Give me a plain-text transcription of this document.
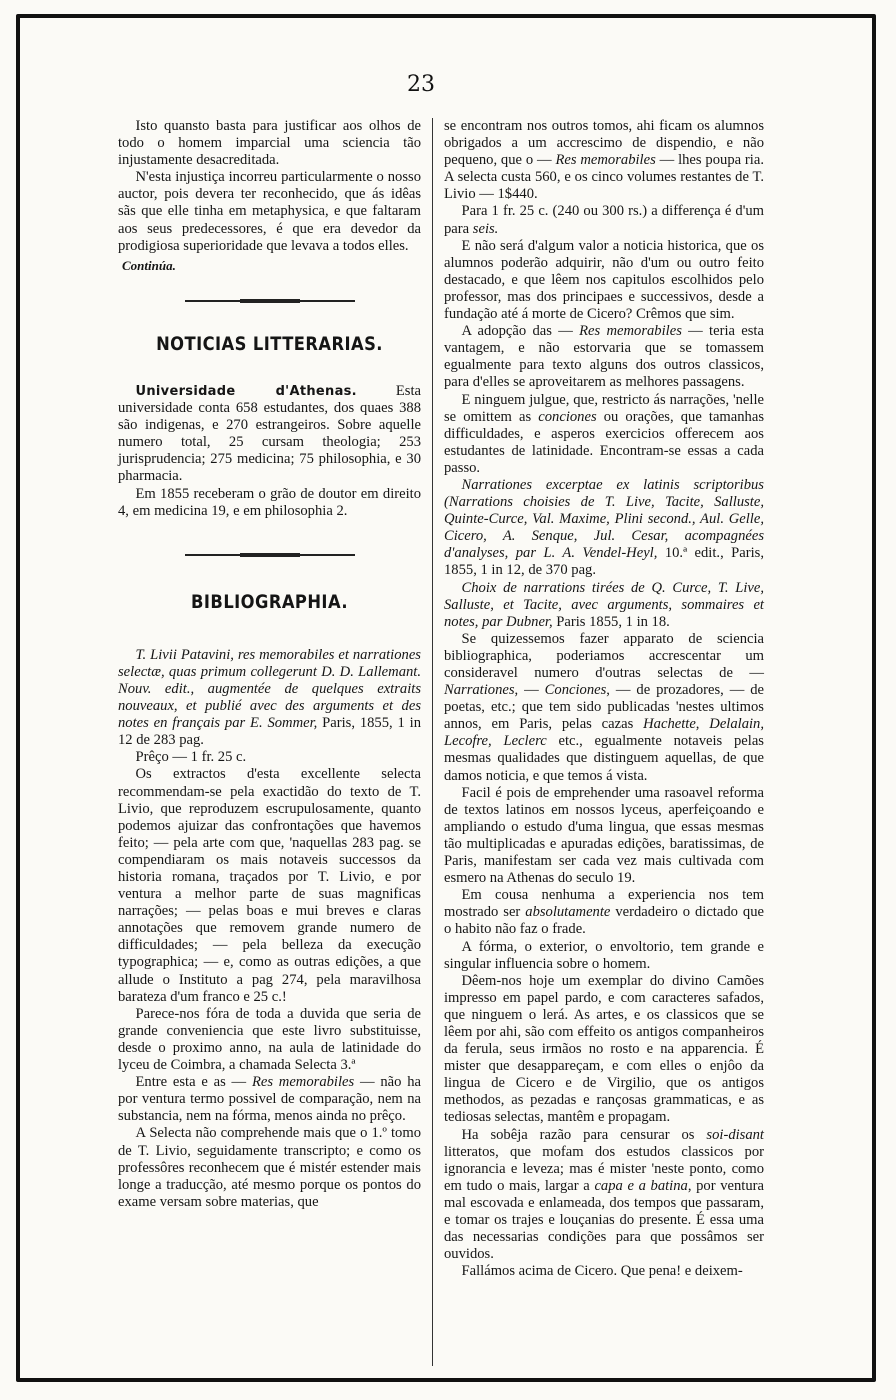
23

Isto quansto basta para justificar aos olhos de todo o homem imparcial uma sciencia tão injustamente desacreditada.

N'esta injustiça incorreu particularmente o nosso auctor, pois devera ter reconhecido, que ás idêas sãs que elle tinha em metaphysica, e que faltaram aos seus predecessores, é que era devedor da prodigiosa superioridade que levava a todos elles.

Continúa.
NOTICIAS LITTERARIAS.

Universidade d'Athenas.	Esta universidade conta 658 estudantes, dos quaes 388 são indigenas, e 270 estrangeiros. Sobre aquelle numero total, 25 cursam theologia; 253 jurisprudencia; 275 medicina; 75 philosophia, e 30 pharmacia.

Em 1855 receberam o grão de doutor em direito 4, em medicina 19, e em philosophia 2.

BIBLIOGRAPHIA.

T. Livii Patavini, res memorabiles et narrationes selectæ, quas primum collegerunt D. D. Lallemant. Nouv. edit., augmentée de quelques extraits nouveaux, et publié avec des arguments et des notes en français par E. Sommer, Paris, 1855, 1 in 12 de 283 pag.

Prêço — 1 fr. 25 c.

Os extractos d'esta excellente selecta recommendam-se pela exactidão do texto de T. Livio, que reproduzem escrupulosamente, quanto podemos ajuizar das confrontações que havemos feito; — pela arte com que, 'naquellas 283 pag. se compendiaram os mais notaveis successos da historia romana, traçados por T. Livio, e por ventura a melhor parte de suas magnificas narrações; — pelas boas e mui breves e claras annotações que removem grande numero de difficuldades; — pela belleza da execução typographica; — e, como as outras edições, a que allude o Instituto a pag 274, pela maravilhosa barateza d'um franco e 25 c.!

Parece-nos fóra de toda a duvida que seria de grande conveniencia que este livro substituisse, desde o proximo anno, na aula de latinidade do lyceu de Coimbra, a chamada Selecta 3.ª

Entre esta e as — Res memorabiles — não ha por ventura termo possivel de comparação, nem na substancia, nem na fórma, menos ainda no prêço.

A Selecta não comprehende mais que o 1.º tomo de T. Livio, seguidamente transcripto; e como os professôres reconhecem que é mistér estender mais longe a traducção, até mesmo porque os pontos do exame versam sobre materias, que

se encontram nos outros tomos, ahi ficam os alumnos obrigados a um accrescimo de dispendio, e não pequeno, que o — Res memorabiles — lhes poupa ria. A selecta custa 560, e os cinco volumes restantes de T. Livio — 1$440.

Para 1 fr. 25 c. (240 ou 300 rs.) a differença é d'um para seis.

E não será d'algum valor a noticia historica, que os alumnos poderão adquirir, não d'um ou outro feito destacado, e que lêem nos capitulos escolhidos pelo professor, mas dos principaes e successivos, desde a fundação até á morte de Cicero? Crêmos que sim.

A adopção das — Res memorabiles — teria esta vantagem, e não estorvaria que se tomassem egualmente para texto alguns dos outros classicos, para d'elles se aproveitarem as melhores passagens.

E ninguem julgue, que, restricto ás narrações, 'nelle se omittem as conciones ou orações, que tamanhas difficuldades, e asperos exercicios offerecem aos estudantes de latinidade. Encontram-se essas a cada passo.

Narrationes excerptae ex latinis scriptoribus (Narrations choisies de T. Live, Tacite, Salluste, Quinte-Curce, Val. Maxime, Plini second., Aul. Gelle, Cicero, A. Senque, Jul. Cesar, acompagnées d'analyses, par L. A. Vendel-Heyl, 10.ª edit., Paris, 1855, 1 in 12, de 370 pag.

Choix de narrations tirées de Q. Curce, T. Live, Salluste, et Tacite, avec arguments, sommaires et notes, par Dubner, Paris 1855, 1 in 18.

Se quizessemos fazer apparato de sciencia bibliographica, poderiamos accrescentar um consideravel numero d'outras selectas de —Narrationes, — Conciones, — de prozadores, — de poetas, etc.; que tem sido publicadas 'nestes ultimos annos, em Paris, pelas cazas Hachette, Delalain, Lecofre, Leclerc etc., egualmente notaveis pelas mesmas qualidades que distinguem aquellas, de que damos noticia, e que temos á vista.

Facil é pois de emprehender uma rasoavel reforma de textos latinos em nossos lyceus, aperfeiçoando e ampliando o estudo d'uma lingua, que essas mesmas tão multiplicadas e apuradas edições, baratissimas, de Paris, manifestam ser cada vez mais cultivada com esmero na Athenas do seculo 19.

Em cousa nenhuma a experiencia nos tem mostrado ser absolutamente verdadeiro o dictado que o habito não faz o frade.

A fórma, o exterior, o envoltorio, tem grande e singular influencia sobre o homem.

Dêem-nos hoje um exemplar do divino Camões impresso em papel pardo, e com caracteres safados, que ninguem o lerá. As artes, e os classicos que se lêem por ahi, são com effeito os antigos companheiros da ferula, seus irmãos no rosto e na apparencia. É mister que desappareçam, e com elles o enjôo da lingua de Cicero e de Virgilio, que os antigos methodos, as pezadas e rançosas grammaticas, e as tediosas selectas, mantêm e propagam.

Ha sobêja razão para censurar os soi-disant litteratos, que mofam dos estudos classicos por ignorancia e leveza; mas é mister 'neste ponto, como em tudo o mais, largar a capa e a batina, por ventura mal escovada e enlameada, dos tempos que passaram, e tomar os trajes e louçanias do presente. É essa uma das necessarias condições para que possâmos ser ouvidos.

Fallámos acima de Cicero. Que pena! e deixem-
